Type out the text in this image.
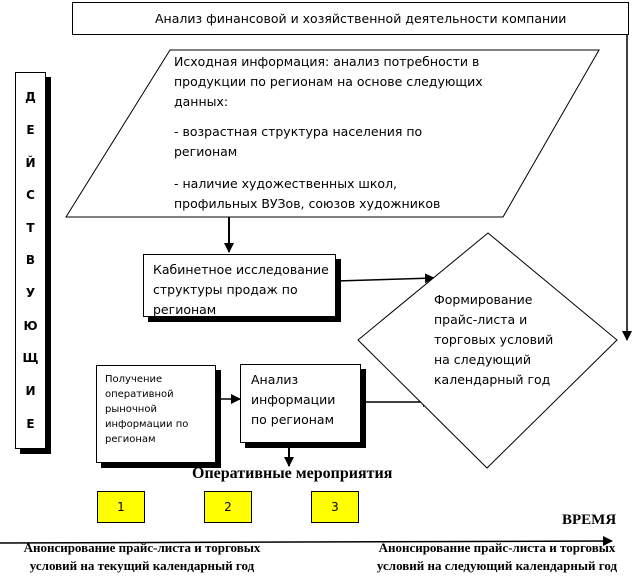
Анализ финансовой и хозяйственной деятельности компании
Д
Е
Й
С
Т
В
У
Ю
Щ
И
Е
Исходная информация: анализ потребности в продукции по регионам на основе следующих данных:
- возрастная структура населения по регионам
- наличие художественных школ, профильных ВУЗов, союзов художников
Кабинетное исследование структуры продаж по регионам
Формирование прайс-листа и торговых условий на следующий календарный год
Получение оперативной рыночной информации по регионам
Анализ информации по регионам
Оперативные мероприятия
1	2	3
ВРЕМЯ
Анонсирование прайс-листа и торговых условий на текущий календарный год
Анонсирование прайс-листа и торговых условий на следующий календарный год
